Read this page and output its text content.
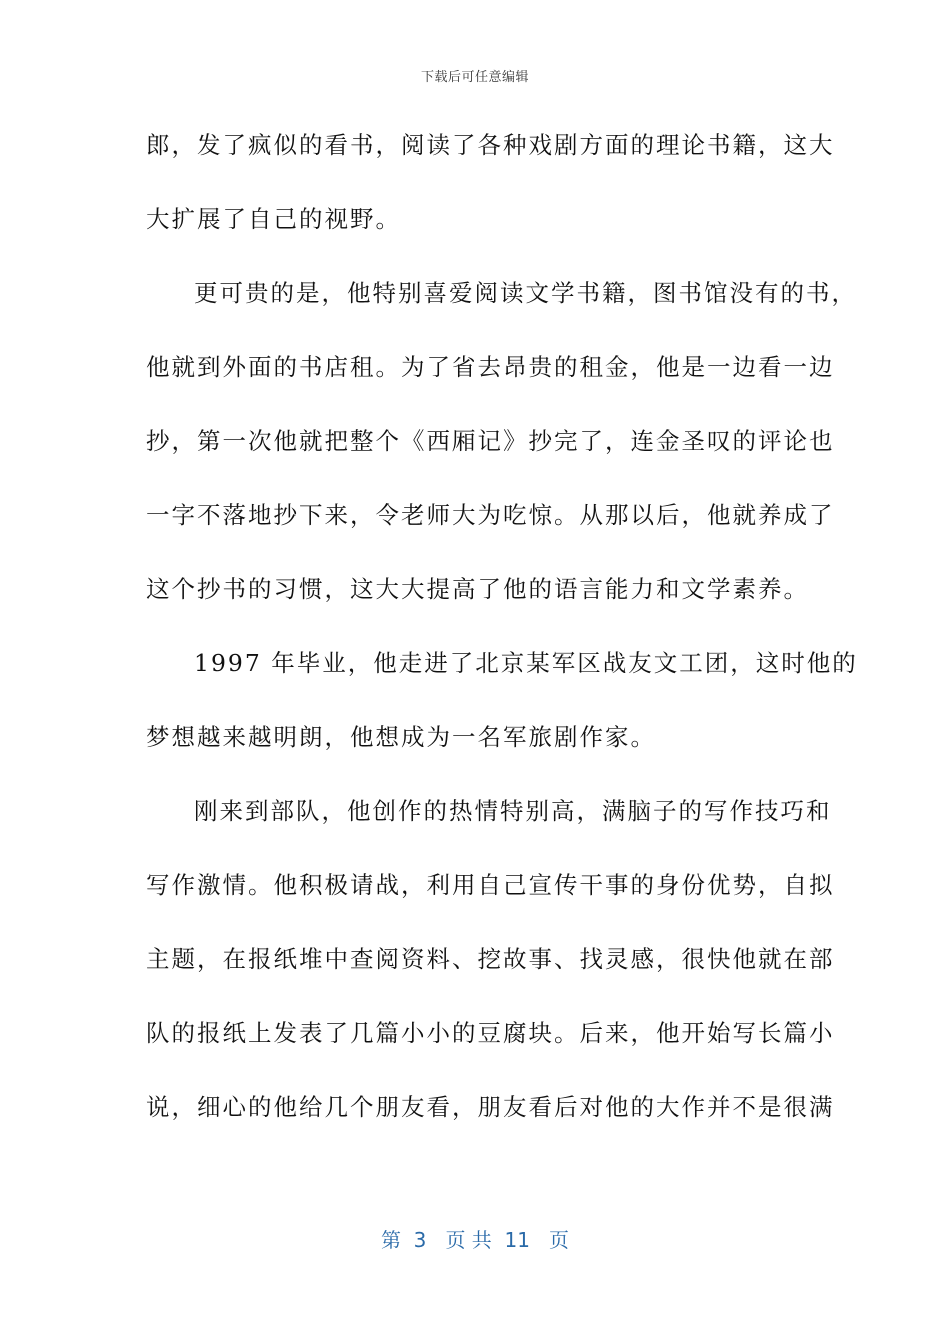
下载后可任意编辑
郎，发了疯似的看书，阅读了各种戏剧方面的理论书籍，这大
大扩展了自己的视野。
更可贵的是，他特别喜爱阅读文学书籍，图书馆没有的书，
他就到外面的书店租。为了省去昂贵的租金，他是一边看一边
抄，第一次他就把整个《西厢记》抄完了，连金圣叹的评论也
一字不落地抄下来，令老师大为吃惊。从那以后，他就养成了
这个抄书的习惯，这大大提高了他的语言能力和文学素养。
1997 年毕业，他走进了北京某军区战友文工团，这时他的
梦想越来越明朗，他想成为一名军旅剧作家。
刚来到部队，他创作的热情特别高，满脑子的写作技巧和
写作激情。他积极请战，利用自己宣传干事的身份优势，自拟
主题，在报纸堆中查阅资料、挖故事、找灵感，很快他就在部
队的报纸上发表了几篇小小的豆腐块。后来，他开始写长篇小
说，细心的他给几个朋友看，朋友看后对他的大作并不是很满
第  3   页 共  11   页
